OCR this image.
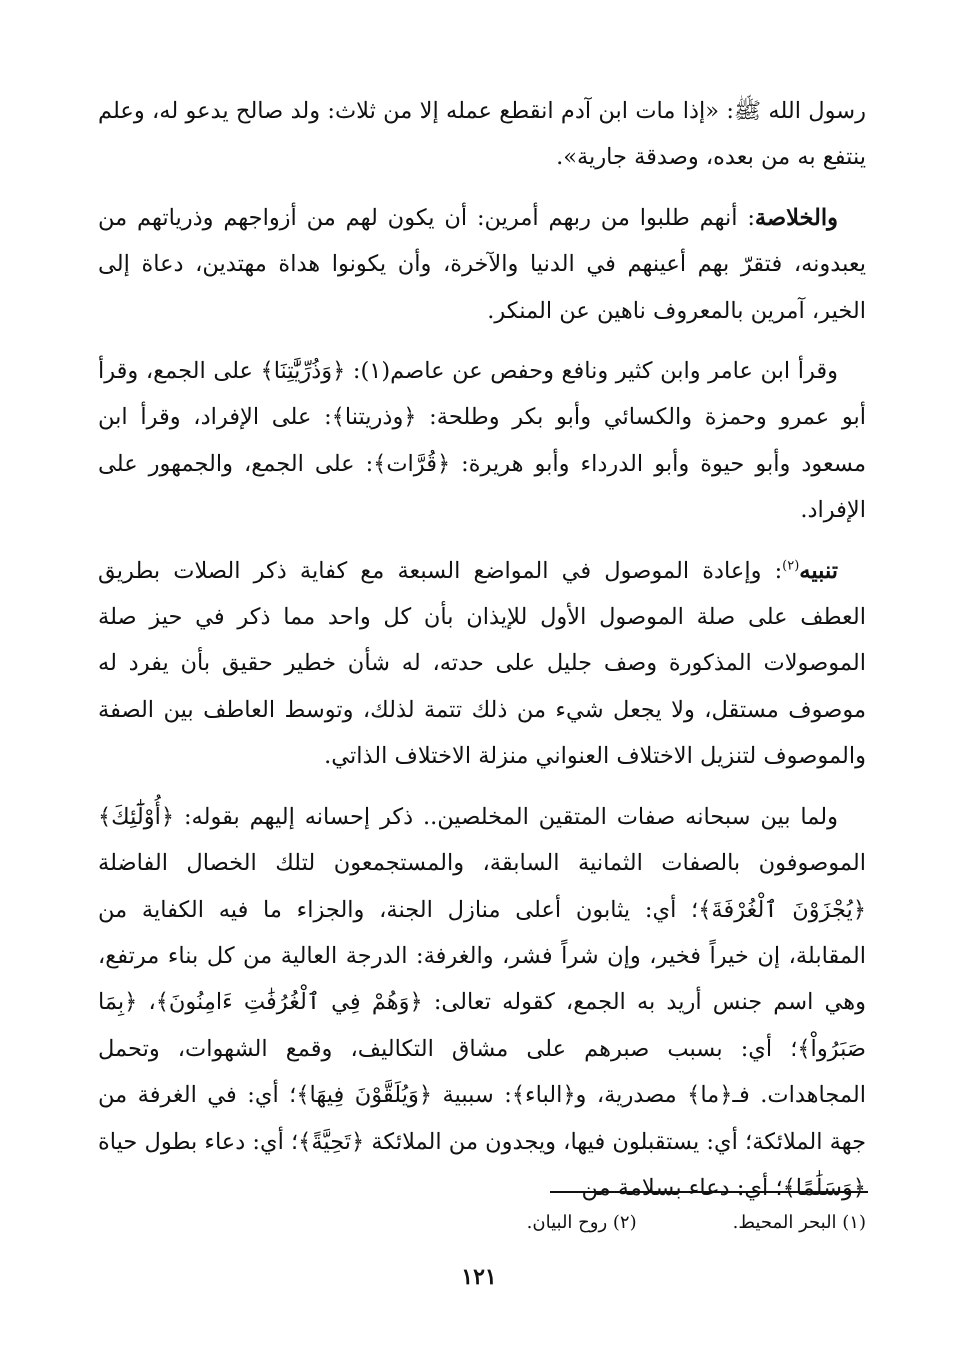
رسول الله ﷺ: «إذا مات ابن آدم انقطع عمله إلا من ثلاث: ولد صالح يدعو له، وعلم ينتفع به من بعده، وصدقة جارية».

والخلاصة: أنهم طلبوا من ربهم أمرين: أن يكون لهم من أزواجهم وذرياتهم من يعبدونه، فتقرّ بهم أعينهم في الدنيا والآخرة، وأن يكونوا هداة مهتدين، دعاة إلى الخير، آمرين بالمعروف ناهين عن المنكر.

وقرأ ابن عامر وابن كثير ونافع وحفص عن عاصم(١): ﴿وَذُرِّيَّٰتِنَا﴾ على الجمع، وقرأ أبو عمرو وحمزة والكسائي وأبو بكر وطلحة: ﴿وذريتنا﴾: على الإفراد، وقرأ ابن مسعود وأبو حيوة وأبو الدرداء وأبو هريرة: ﴿قُرَّات﴾: على الجمع، والجمهور على الإفراد.

تنبيه$^{(٢)}$: وإعادة الموصول في المواضع السبعة مع كفاية ذكر الصلات بطريق العطف على صلة الموصول الأول للإيذان بأن كل واحد مما ذكر في حيز صلة الموصولات المذكورة وصف جليل على حدته، له شأن خطير حقيق بأن يفرد له موصوف مستقل، ولا يجعل شيء من ذلك تتمة لذلك، وتوسط العاطف بين الصفة والموصوف لتنزيل الاختلاف العنواني منزلة الاختلاف الذاتي.

ولما بين سبحانه صفات المتقين المخلصين.. ذكر إحسانه إليهم بقوله: ﴿أُوْلَٰٓئِكَ﴾ الموصوفون بالصفات الثمانية السابقة، والمستجمعون لتلك الخصال الفاضلة ﴿يُجْزَوْنَ ٱلْغُرْفَةَ﴾؛ أي: يثابون أعلى منازل الجنة، والجزاء ما فيه الكفاية من المقابلة، إن خيراً فخير، وإن شراً فشر، والغرفة: الدرجة العالية من كل بناء مرتفع، وهي اسم جنس أريد به الجمع، كقوله تعالى: ﴿وَهُمْ فِي ٱلْغُرُفَٰتِ ءَامِنُونَ﴾، ﴿بِمَا صَبَرُواْ﴾؛ أي: بسبب صبرهم على مشاق التكاليف، وقمع الشهوات، وتحمل المجاهدات. فـ﴿ما﴾ مصدرية، و﴿الباء﴾: سببية ﴿وَيُلَقَّوْنَ فِيهَا﴾؛ أي: في الغرفة من جهة الملائكة؛ أي: يستقبلون فيها، ويجدون من الملائكة ﴿تَحِيَّةً﴾؛ أي: دعاء بطول حياة ﴿وَسَلَٰمًا﴾؛ أي: دعاء بسلامة من

(١) البحر المحيط.(٢) روح البيان.
١٢١
